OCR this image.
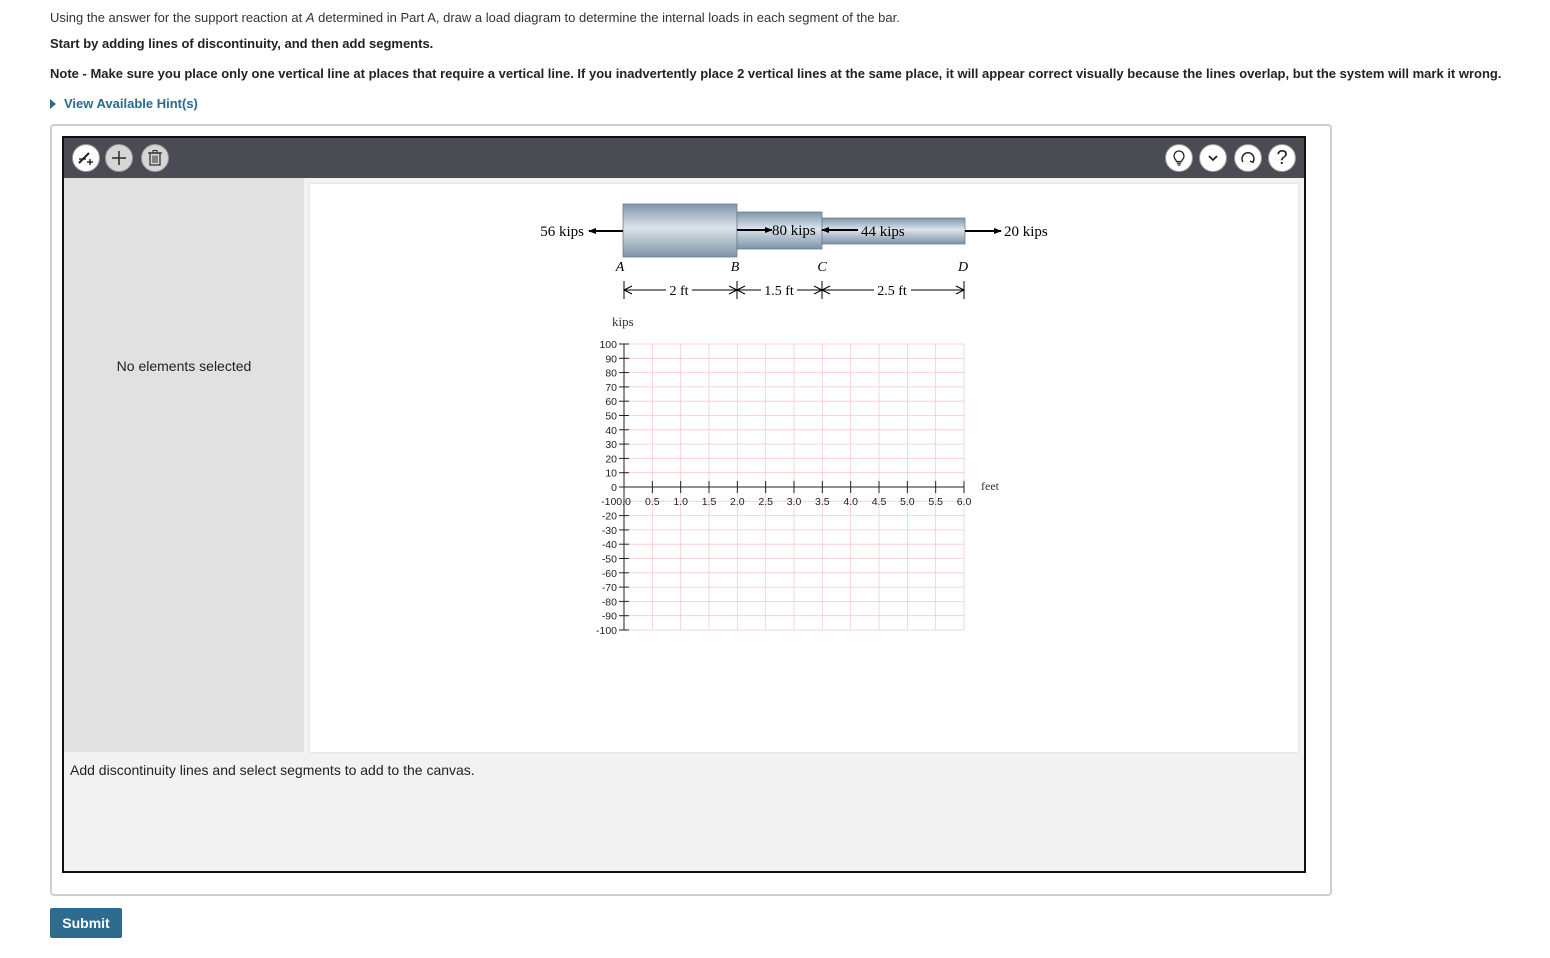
Using the answer for the support reaction at A determined in Part A, draw a load diagram to determine the internal loads in each segment of the bar.
Start by adding lines of discontinuity, and then add segments.
Note - Make sure you place only one vertical line at places that require a vertical line. If you inadvertently place 2 vertical lines at the same place, it will appear correct visually because the lines overlap, but the system will mark it wrong.
View Available Hint(s)
?
No elements selected
56 kips	80 kips	44 kips	20 kips
A	B	C	D
2 ft	1.5 ft	2.5 ft
100
90
80
70
60
50
40
30
20
10
0
-20
-30
-40
-50
-60
-70
-80
-90
-100
-100.0 0.5 1.0 1.5 2.0 2.5 3.0 3.5 4.0 4.5 5.0 5.5 6.0
kips
feet
Add discontinuity lines and select segments to add to the canvas.
Submit
